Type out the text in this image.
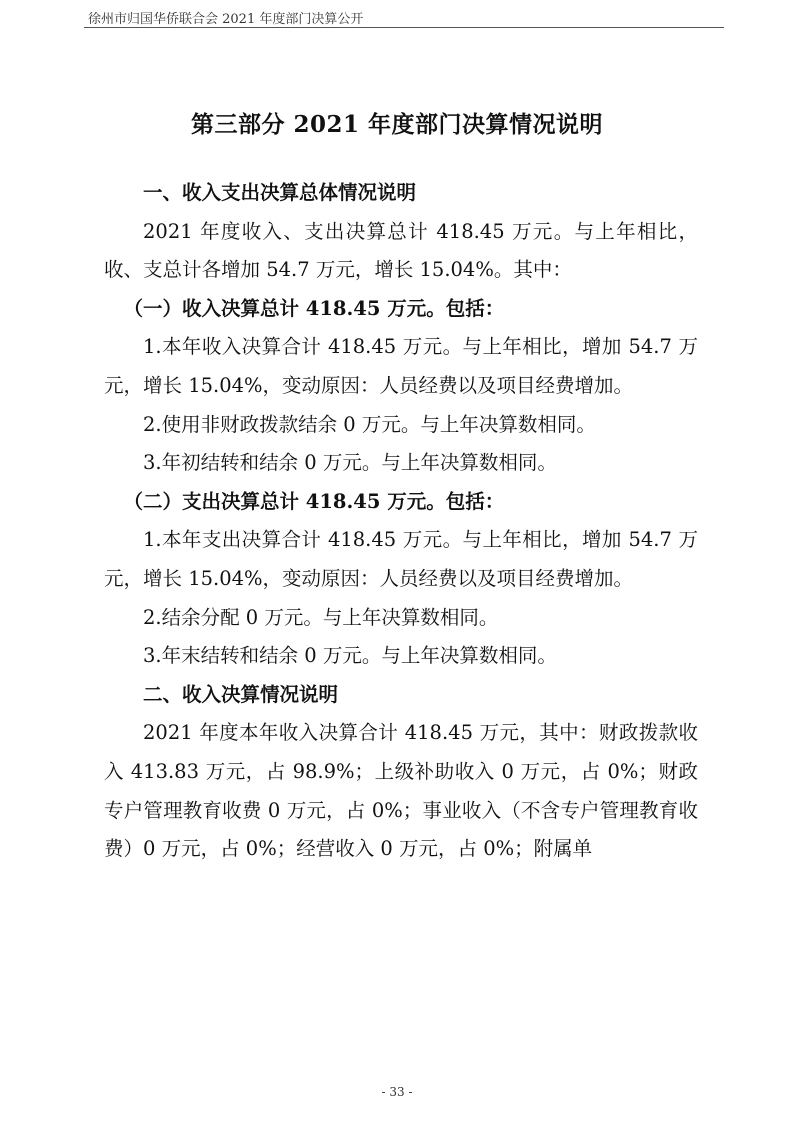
徐州市归国华侨联合会 2021 年度部门决算公开
第三部分 2021 年度部门决算情况说明

一、收入支出决算总体情况说明

2021 年度收入、支出决算总计 418.45 万元。与上年相比，收、支总计各增加 54.7 万元，增长 15.04%。其中：

（一）收入决算总计 418.45 万元。包括：

1.本年收入决算合计 418.45 万元。与上年相比，增加 54.7 万元，增长 15.04%，变动原因：人员经费以及项目经费增加。

2.使用非财政拨款结余 0 万元。与上年决算数相同。

3.年初结转和结余 0 万元。与上年决算数相同。

（二）支出决算总计 418.45 万元。包括：

1.本年支出决算合计 418.45 万元。与上年相比，增加 54.7 万元，增长 15.04%，变动原因：人员经费以及项目经费增加。

2.结余分配 0 万元。与上年决算数相同。

3.年末结转和结余 0 万元。与上年决算数相同。

二、收入决算情况说明

2021 年度本年收入决算合计 418.45 万元，其中：财政拨款收入 413.83 万元，占 98.9%；上级补助收入 0 万元，占 0%；财政专户管理教育收费 0 万元，占 0%；事业收入（不含专户管理教育收费）0 万元，占 0%；经营收入 0 万元，占 0%；附属单

- 33 -
